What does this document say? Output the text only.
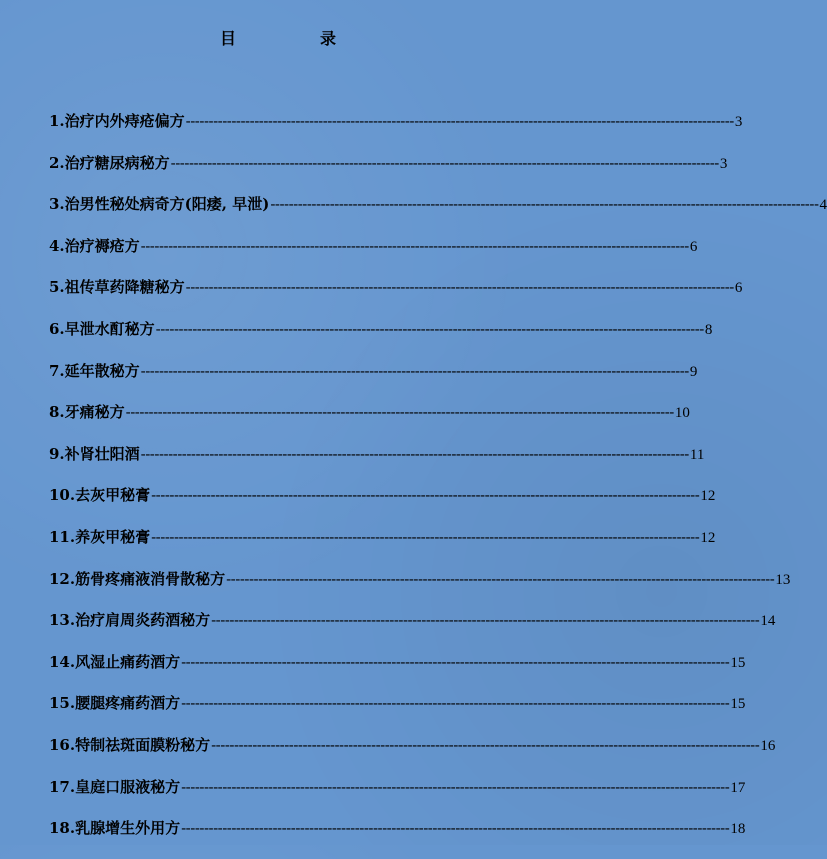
目	录
1.治疗内外痔疮偏方 ------------------------------------------------------------------------------------------------------------------------ 3
2.治疗糖尿病秘方 ------------------------------------------------------------------------------------------------------------------------ 3
3.治男性秘处病奇方(阳痿, 早泄) ------------------------------------------------------------------------------------------------------------------------ 4
4.治疗褥疮方 ------------------------------------------------------------------------------------------------------------------------ 6
5.祖传草药降糖秘方 ------------------------------------------------------------------------------------------------------------------------ 6
6.早泄水酊秘方 ------------------------------------------------------------------------------------------------------------------------ 8
7.延年散秘方 ------------------------------------------------------------------------------------------------------------------------ 9
8.牙痛秘方 ------------------------------------------------------------------------------------------------------------------------ 10
9.补肾壮阳酒 ------------------------------------------------------------------------------------------------------------------------ 11
10.去灰甲秘膏 ------------------------------------------------------------------------------------------------------------------------ 12
11.养灰甲秘膏 ------------------------------------------------------------------------------------------------------------------------ 12
12.筋骨疼痛液消骨散秘方 ------------------------------------------------------------------------------------------------------------------------ 13
13.治疗肩周炎药酒秘方 ------------------------------------------------------------------------------------------------------------------------ 14
14.风湿止痛药酒方 ------------------------------------------------------------------------------------------------------------------------ 15
15.腰腿疼痛药酒方 ------------------------------------------------------------------------------------------------------------------------ 15
16.特制祛斑面膜粉秘方 ------------------------------------------------------------------------------------------------------------------------ 16
17.皇庭口服液秘方 ------------------------------------------------------------------------------------------------------------------------ 17
18.乳腺增生外用方 ------------------------------------------------------------------------------------------------------------------------ 18
